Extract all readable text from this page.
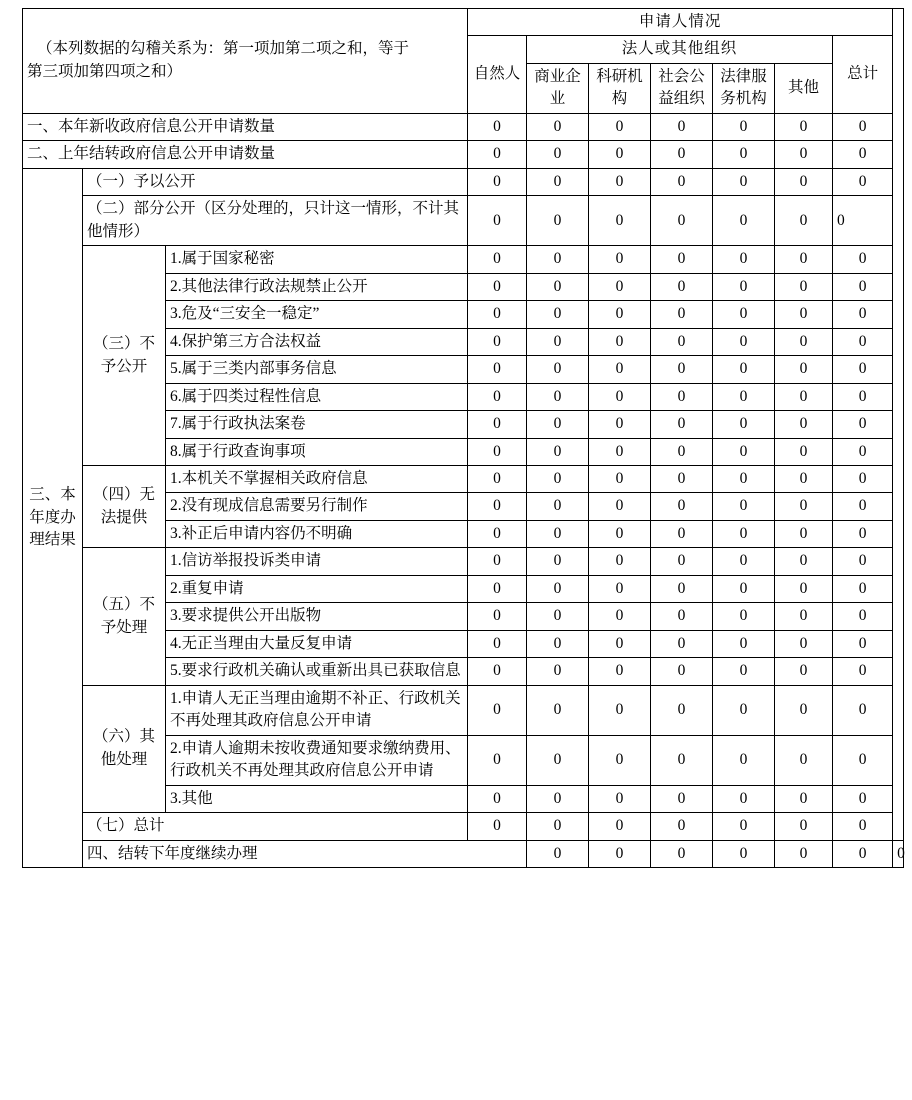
（本列数据的勾稽关系为：第一项加第二项之和，等于
第三项加第四项之和）			申请人情况							
			自然人	法人或其他组织					总计	
				商业企业	科研机构	社会公益组织	法律服务机构	其他		
一、本年新收政府信息公开申请数量			0	0	0	0	0	0	0	
二、上年结转政府信息公开申请数量			0	0	0	0	0	0	0	
三、本年度办理结果	（一）予以公开		0	0	0	0	0	0	0	
	（二）部分公开（区分处理的，只计这一情形，不计其他情形）		0	0	0	0	0	0	0	
	（三）不予公开	1.属于国家秘密	0	0	0	0	0	0	0	
		2.其他法律行政法规禁止公开	0	0	0	0	0	0	0	
		3.危及“三安全一稳定”	0	0	0	0	0	0	0	
		4.保护第三方合法权益	0	0	0	0	0	0	0	
		5.属于三类内部事务信息	0	0	0	0	0	0	0	
		6.属于四类过程性信息	0	0	0	0	0	0	0	
		7.属于行政执法案卷	0	0	0	0	0	0	0	
		8.属于行政查询事项	0	0	0	0	0	0	0	
	（四）无法提供	1.本机关不掌握相关政府信息	0	0	0	0	0	0	0	
		2.没有现成信息需要另行制作	0	0	0	0	0	0	0	
		3.补正后申请内容仍不明确	0	0	0	0	0	0	0	
	（五）不予处理	1.信访举报投诉类申请	0	0	0	0	0	0	0	
		2.重复申请	0	0	0	0	0	0	0	
		3.要求提供公开出版物	0	0	0	0	0	0	0	
		4.无正当理由大量反复申请	0	0	0	0	0	0	0	
		5.要求行政机关确认或重新出具已获取信息	0	0	0	0	0	0	0	
	（六）其他处理	1.申请人无正当理由逾期不补正、行政机关不再处理其政府信息公开申请	0	0	0	0	0	0	0	
		2.申请人逾期未按收费通知要求缴纳费用、行政机关不再处理其政府信息公开申请	0	0	0	0	0	0	0	
		3.其他	0	0	0	0	0	0	0	
	（七）总计		0	0	0	0	0	0	0	
	四、结转下年度继续办理			0	0	0	0	0	0	0
